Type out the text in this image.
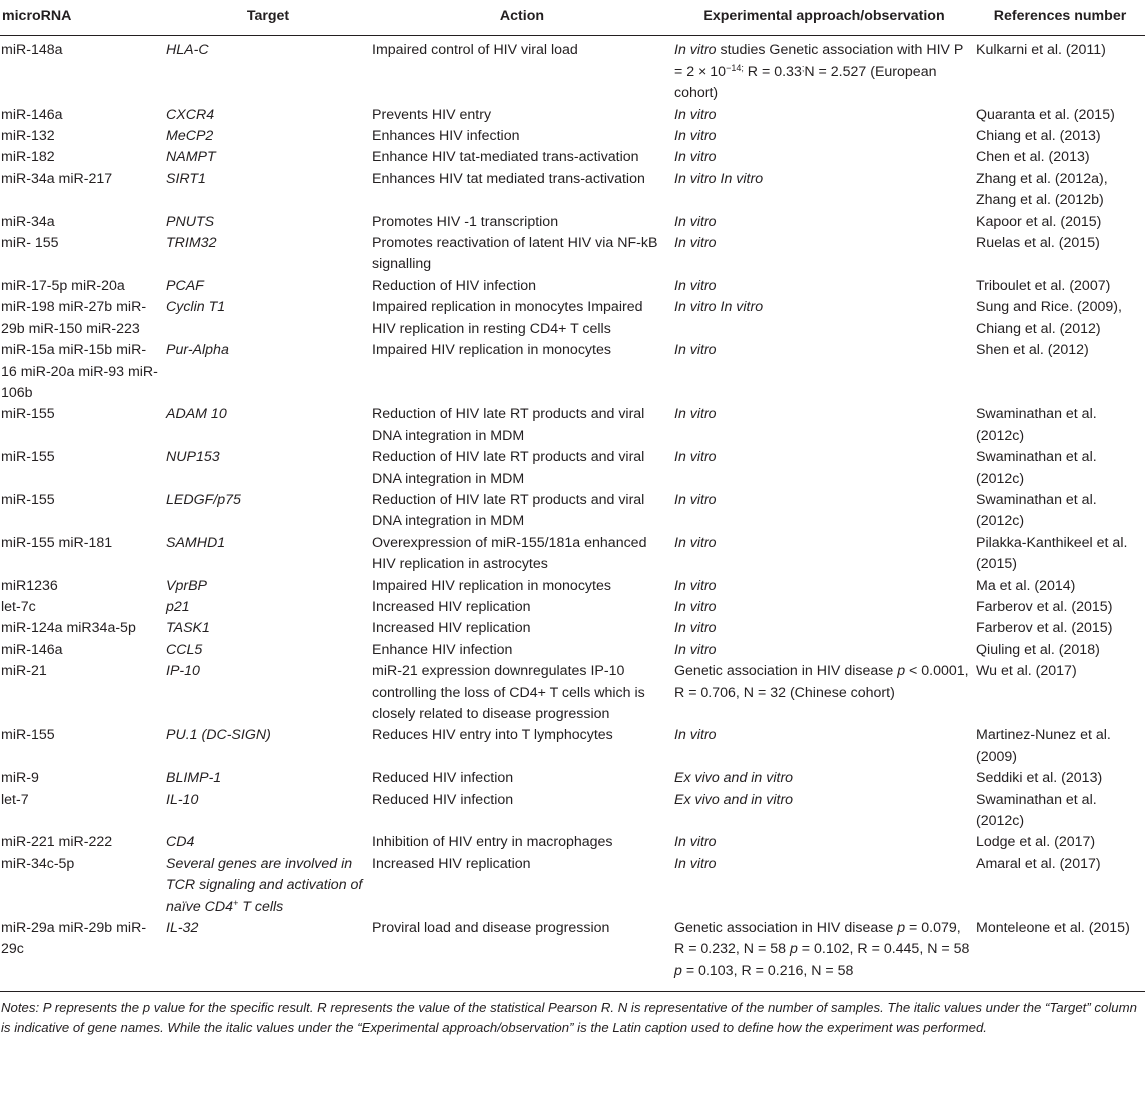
microRNA	Target	Action	Experimental approach/observation	References number
miR-148a	HLA-C	Impaired control of HIV viral load	In vitro studies Genetic association with HIV $P = 2 \times 10^{-14;}$ R = 0.33;N = 2.527 (European cohort)	Kulkarni et al. (2011)
miR-146a	CXCR4	Prevents HIV entry	In vitro	Quaranta et al. (2015)
miR-132	MeCP2	Enhances HIV infection	In vitro	Chiang et al. (2013)
miR-182	NAMPT	Enhance HIV tat-mediated trans-activation	In vitro	Chen et al. (2013)
miR-34a miR-217	SIRT1	Enhances HIV tat mediated trans-activation	In vitro In vitro	Zhang et al. (2012a), Zhang et al. (2012b)
miR-34a	PNUTS	Promotes HIV -1 transcription	In vitro	Kapoor et al. (2015)
miR- 155	TRIM32	Promotes reactivation of latent HIV via NF-kB signalling	In vitro	Ruelas et al. (2015)
miR-17-5p miR-20a	PCAF	Reduction of HIV infection	In vitro	Triboulet et al. (2007)
miR-198 miR-27b miR-29b miR-150 miR-223	Cyclin T1	Impaired replication in monocytes Impaired HIV replication in resting CD4+ T cells	In vitro In vitro	Sung and Rice. (2009), Chiang et al. (2012)
miR-15a miR-15b miR-16 miR-20a miR-93 miR-106b	Pur-Alpha	Impaired HIV replication in monocytes	In vitro	Shen et al. (2012)
miR-155	ADAM 10	Reduction of HIV late RT products and viral DNA integration in MDM	In vitro	Swaminathan et al. (2012c)
miR-155	NUP153	Reduction of HIV late RT products and viral DNA integration in MDM	In vitro	Swaminathan et al. (2012c)
miR-155	LEDGF/p75	Reduction of HIV late RT products and viral DNA integration in MDM	In vitro	Swaminathan et al. (2012c)
miR-155 miR-181	SAMHD1	Overexpression of miR-155/181a enhanced HIV replication in astrocytes	In vitro	Pilakka-Kanthikeel et al. (2015)
miR1236	VprBP	Impaired HIV replication in monocytes	In vitro	Ma et al. (2014)
let-7c	p21	Increased HIV replication	In vitro	Farberov et al. (2015)
miR-124a miR34a-5p	TASK1	Increased HIV replication	In vitro	Farberov et al. (2015)
miR-146a	CCL5	Enhance HIV infection	In vitro	Qiuling et al. (2018)
miR-21	IP-10	miR-21 expression downregulates IP-10 controlling the loss of CD4+ T cells which is closely related to disease progression	Genetic association in HIV disease p < 0.0001, R = 0.706, N = 32 (Chinese cohort)	Wu et al. (2017)
miR-155	PU.1 (DC-SIGN)	Reduces HIV entry into T lymphocytes	In vitro	Martinez-Nunez et al. (2009)
miR-9	BLIMP-1	Reduced HIV infection	Ex vivo and in vitro	Seddiki et al. (2013)
let-7	IL-10	Reduced HIV infection	Ex vivo and in vitro	Swaminathan et al. (2012c)
miR-221 miR-222	CD4	Inhibition of HIV entry in macrophages	In vitro	Lodge et al. (2017)
miR-34c-5p	Several genes are involved in TCR signaling and activation of naïve CD4+ T cells	Increased HIV replication	In vitro	Amaral et al. (2017)
miR-29a miR-29b miR-29c	IL-32	Proviral load and disease progression	Genetic association in HIV disease p = 0.079, R = 0.232, N = 58 p = 0.102, R = 0.445, N = 58 p = 0.103, R = 0.216, N = 58	Monteleone et al. (2015)
Notes: P represents the p value for the specific result. R represents the value of the statistical Pearson R. N is representative of the number of samples. The italic values under the “Target” column is indicative of gene names. While the italic values under the “Experimental approach/observation” is the Latin caption used to define how the experiment was performed.
